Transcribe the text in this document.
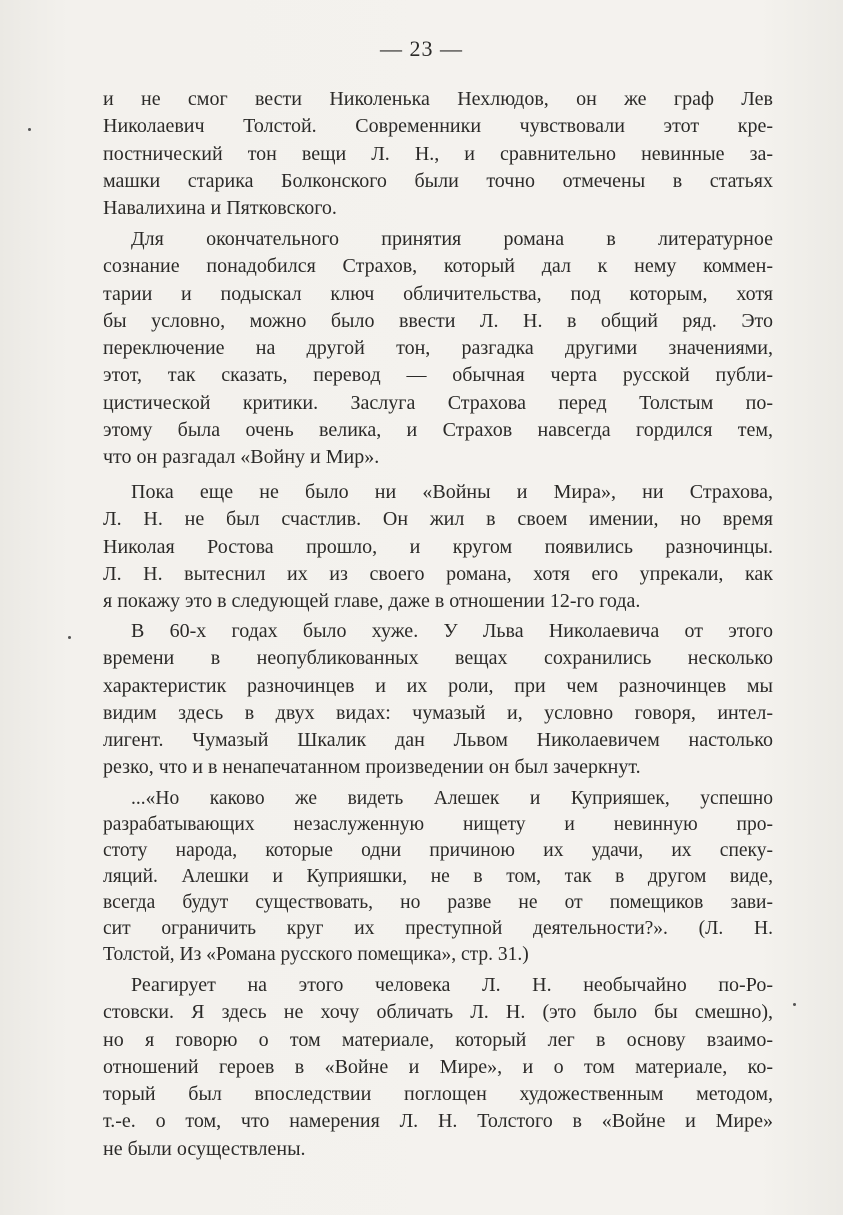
— 23 —
и не смог вести Николенька Нехлюдов, он же граф Лев
Николаевич Толстой. Современники чувствовали этот кре-
постнический тон вещи Л. Н., и сравнительно невинные за-
машки старика Болконского были точно отмечены в статьях
Навалихина и Пятковского.
Для окончательного принятия романа в литературное
сознание понадобился Страхов, который дал к нему коммен-
тарии и подыскал ключ обличительства, под которым, хотя
бы условно, можно было ввести Л. Н. в общий ряд. Это
переключение на другой тон, разгадка другими значениями,
этот, так сказать, перевод — обычная черта русской публи-
цистической критики. Заслуга Страхова перед Толстым по-
этому была очень велика, и Страхов навсегда гордился тем,
что он разгадал «Войну и Мир».
Пока еще не было ни «Войны и Мира», ни Страхова,
Л. Н. не был счастлив. Он жил в своем имении, но время
Николая Ростова прошло, и кругом появились разночинцы.
Л. Н. вытеснил их из своего романа, хотя его упрекали, как
я покажу это в следующей главе, даже в отношении 12-го года.
В 60-х годах было хуже. У Льва Николаевича от этого
времени в неопубликованных вещах сохранились несколько
характеристик разночинцев и их роли, при чем разночинцев мы
видим здесь в двух видах: чумазый и, условно говоря, интел-
лигент. Чумазый Шкалик дан Львом Николаевичем настолько
резко, что и в ненапечатанном произведении он был зачеркнут.
...«Но каково же видеть Алешек и Куприяшек, успешно
разрабатывающих незаслуженную нищету и невинную про-
стоту народа, которые одни причиною их удачи, их спеку-
ляций. Алешки и Куприяшки, не в том, так в другом виде,
всегда будут существовать, но разве не от помещиков зави-
сит ограничить круг их преступной деятельности?». (Л. Н.
Толстой, Из «Романа русского помещика», стр. 31.)
Реагирует на этого человека Л. Н. необычайно по-Ро-
стовски. Я здесь не хочу обличать Л. Н. (это было бы смешно),
но я говорю о том материале, который лег в основу взаимо-
отношений героев в «Войне и Мире», и о том материале, ко-
торый был впоследствии поглощен художественным методом,
т.-е. о том, что намерения Л. Н. Толстого в «Войне и Мире»
не были осуществлены.
